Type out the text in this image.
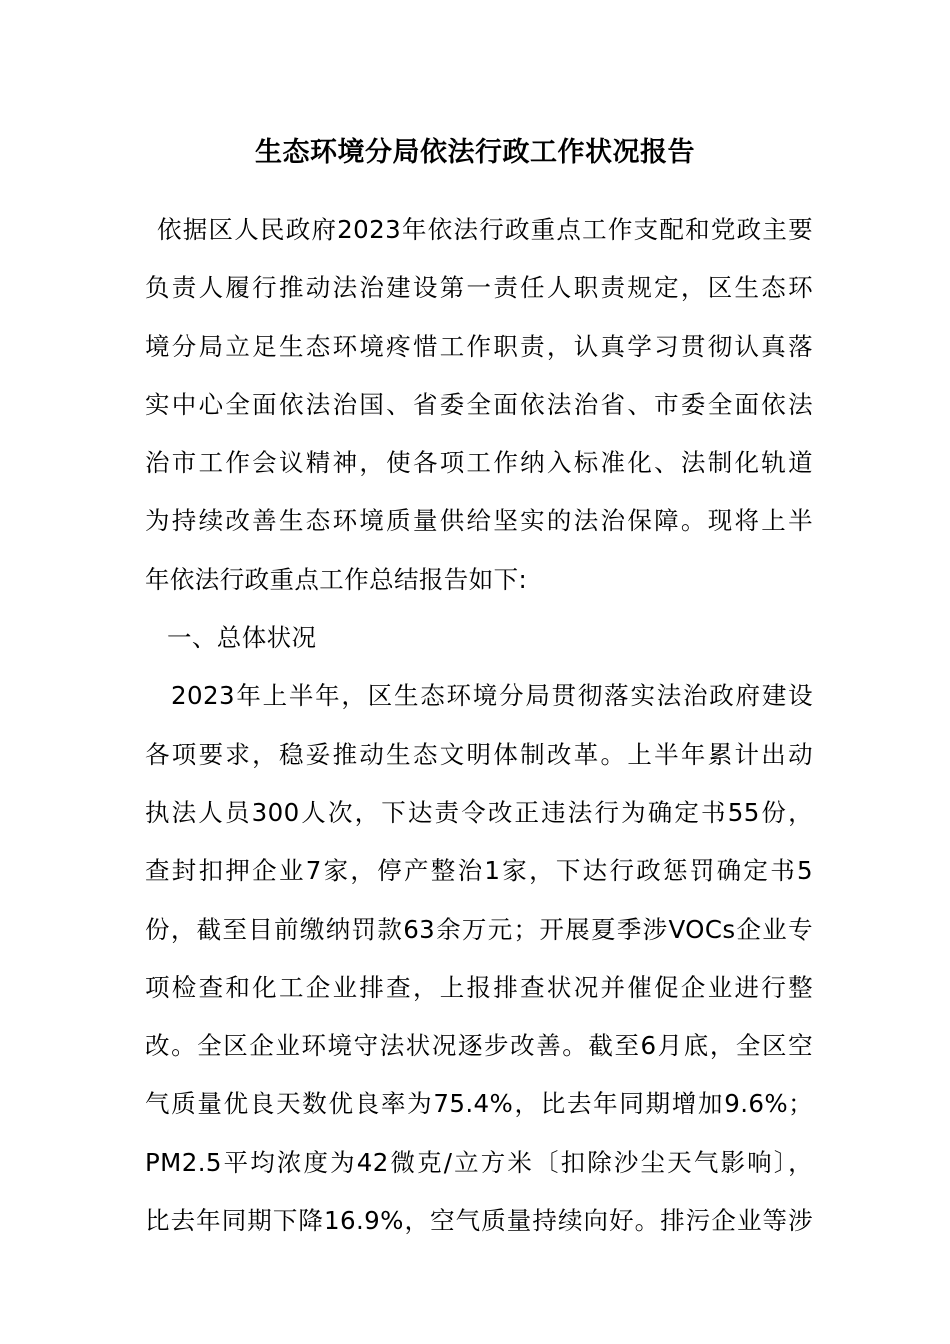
生态环境分局依法行政工作状况报告
依据区人民政府2023年依法行政重点工作支配和党政主要
负责人履行推动法治建设第一责任人职责规定，区生态环
境分局立足生态环境疼惜工作职责，认真学习贯彻认真落
实中心全面依法治国、省委全面依法治省、市委全面依法
治市工作会议精神，使各项工作纳入标准化、法制化轨道
为持续改善生态环境质量供给坚实的法治保障。现将上半
年依法行政重点工作总结报告如下:
一、总体状况
2023年上半年，区生态环境分局贯彻落实法治政府建设
各项要求，稳妥推动生态文明体制改革。上半年累计出动
执法人员300人次，下达责令改正违法行为确定书55份，
查封扣押企业7家，停产整治1家，下达行政惩罚确定书5
份，截至目前缴纳罚款63余万元；开展夏季涉VOCs企业专
项检查和化工企业排查，上报排查状况并催促企业进行整
改。全区企业环境守法状况逐步改善。截至6月底，全区空
气质量优良天数优良率为75.4%，比去年同期增加9.6%；
PM2.5平均浓度为42微克/立方米〔扣除沙尘天气影响〕，
比去年同期下降16.9%，空气质量持续向好。排污企业等涉
